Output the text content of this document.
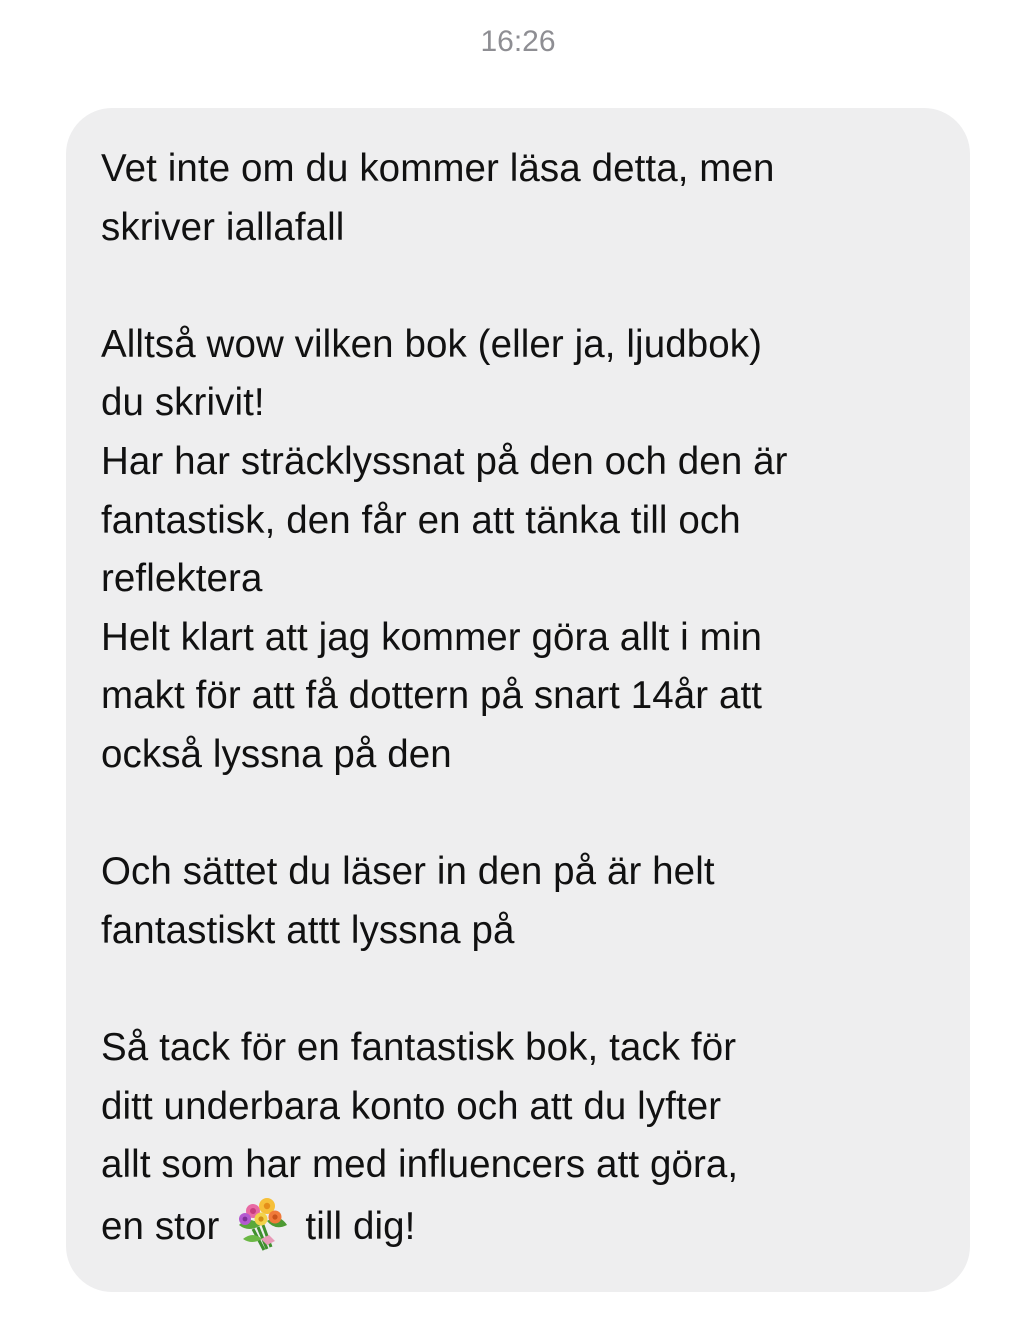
16:26
Vet inte om du kommer läsa detta, men
skriver iallafall
Alltså wow vilken bok (eller ja, ljudbok)
du skrivit!
Har har sträcklyssnat på den och den är
fantastisk, den får en att tänka till och
reflektera
Helt klart att jag kommer göra allt i min
makt för att få dottern på snart 14år att
också lyssna på den
Och sättet du läser in den på är helt
fantastiskt attt lyssna på
Så tack för en fantastisk bok, tack för
ditt underbara konto och att du lyfter
allt som har med influencers att göra,
en stor till dig!
